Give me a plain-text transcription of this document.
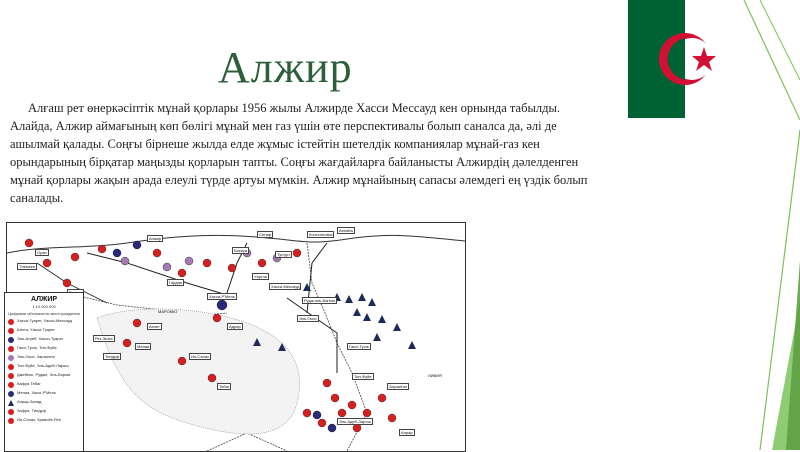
Алжир
Алғаш рет өнеркәсіптік мұнай қорлары 1956 жылы Алжирде Хасси Мессауд кен орнында табылды. Алайда, Алжир аймағының көп бөлігі мұнай мен газ үшін өте перспективалы болып саналса да, әлі де ашылмай қалады. Соңғы бірнеше жылда елде жұмыс істейтін шетелдік компаниялар мұнай-газ кен орындарының бірқатар маңызды қорларын тапты. Соңғы жағдайларға байланысты Алжирдің дәлелденген мұнай қорлары жақын арада елеулі түрде артуы мүмкін. Алжир мұнайының сапасы әлемдегі ең үздік болып саналады.
Хасси-Мессауд
Хасси-Р'Мель
Рудж-эль-Багель
Эль-Гассі
Гассі-Туіль
Тин-Фуйе
Зарзаітин
Эль-Адеб-Ларош
Алрар
Ин-Салах
Тебаг
Ахнет
Менаа
Адрар
Тиндуф
Рег-Эшех
Уаргла
Гардая
Туггурт
Бискра
Алжир
Оран
Константина
Аннаба
Сетиф
Тлемсен
МАРОККО
ЛИВИЯ
АЛЖИР
1:10 000 000
Цифрами обозначены месторождения
Хасси-Туарег, Хасси-Мессауд
Шегга, Хасси-Туарег
Эль-Агреб, Хасси-Туарег
Гассі-Туіль, Тин-Фуйе
Эль-Гассі, Зарзаітин
Тин-Фуйе, Эль-Адеб-Ларош
Джебель, Рудже, Эль-Бирма
Кафра Тебаг
Менаа, Хассі-Р'Мель
Алрар-Запад
Зафра, Тиндуф
Ин-Салах, Кривойх-Рен
